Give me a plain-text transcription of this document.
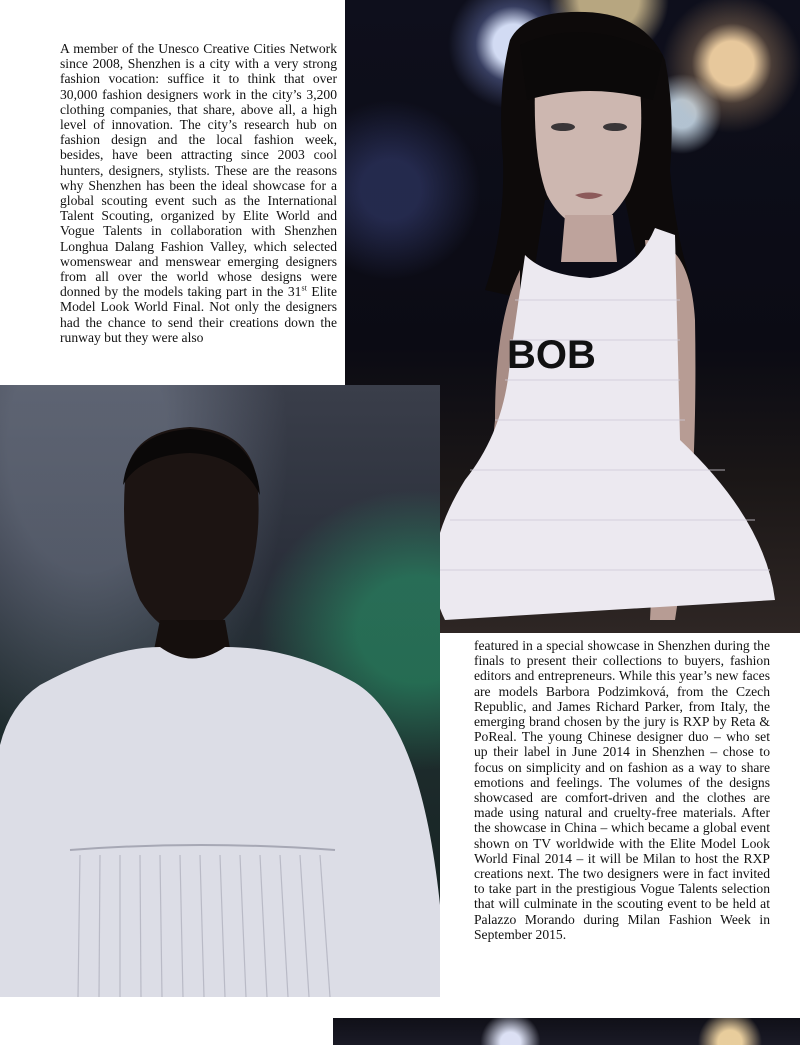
BOB

A member of the Unesco Creative Cities Network since 2008, Shenzhen is a city with a very strong fashion vocation: suffice it to think that over 30,000 fashion designers work in the city’s 3,200 clothing companies, that share, above all, a high level of innovation. The city’s research hub on fashion design and the local fashion week, besides, have been attracting since 2003 cool hunters, designers, stylists. These are the reasons why Shenzhen has been the ideal showcase for a global scouting event such as the International Talent Scouting, organized by Elite World and Vogue Talents in collaboration with Shenzhen Longhua Dalang Fashion Valley, which selected womenswear and menswear emerging designers from all over the world whose designs were donned by the models taking part in the 31st Elite Model Look World Final. Not only the designers had the chance to send their creations down the runway but they were also

featured in a special showcase in Shenzhen during the finals to present their collections to buyers, fashion editors and entrepreneurs. While this year’s new faces are models Barbora Podzimková, from the Czech Republic, and James Richard Parker, from Italy, the emerging brand chosen by the jury is RXP by Reta & PoReal. The young Chinese designer duo – who set up their label in June 2014 in Shenzhen – chose to focus on simplicity and on fashion as a way to share emotions and feelings. The volumes of the designs showcased are comfort-driven and the clothes are made using natural and cruelty-free materials. After the showcase in China – which became a global event shown on TV worldwide with the Elite Model Look World Final 2014 – it will be Milan to host the RXP creations next. The two designers were in fact invited to take part in the prestigious Vogue Talents selection that will culminate in the scouting event to be held at Palazzo Morando during Milan Fashion Week in September 2015.
